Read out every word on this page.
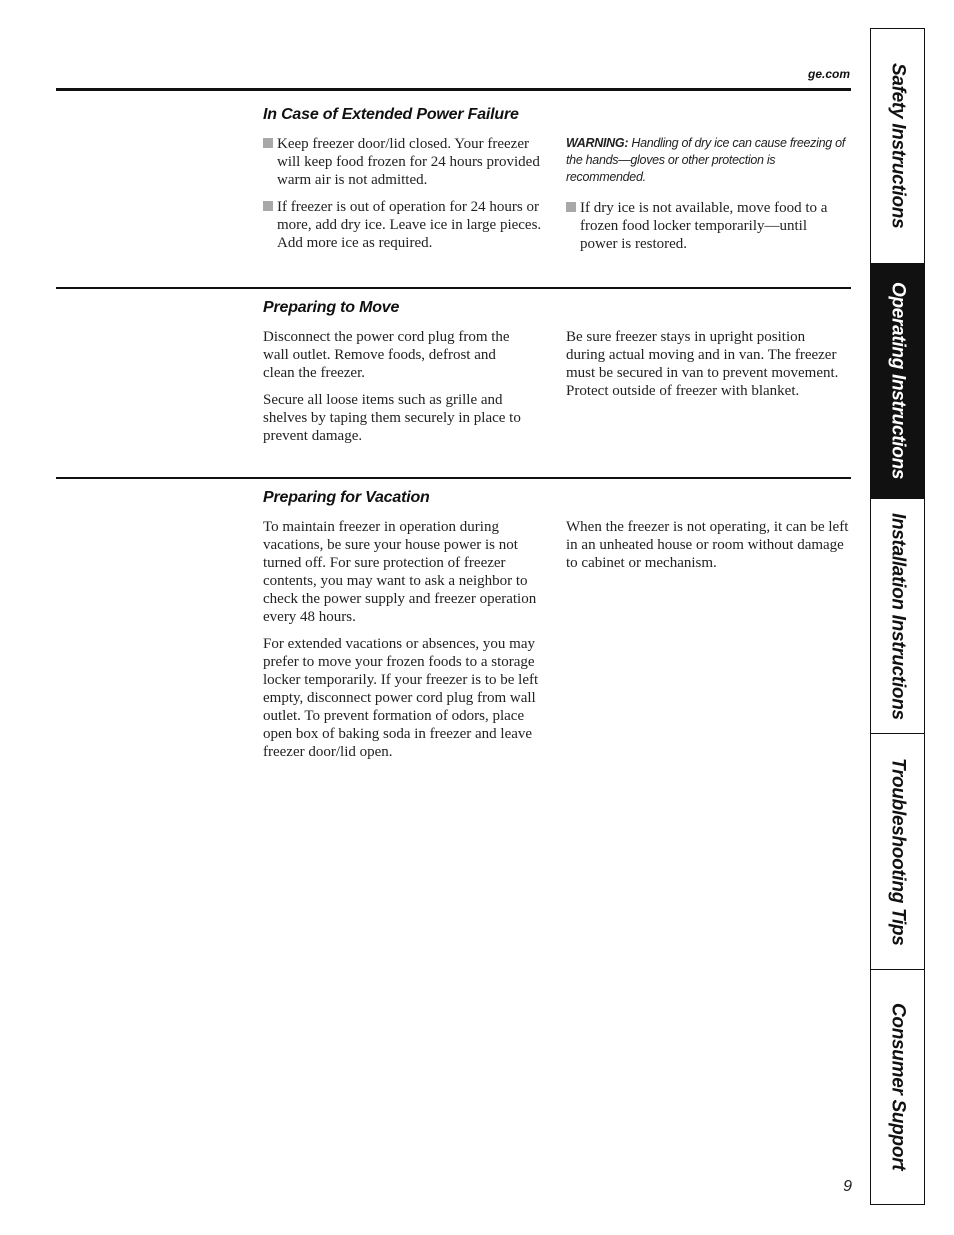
ge.com
In Case of Extended Power Failure
Keep freezer door/lid closed. Your freezer will keep food frozen for 24 hours provided warm air is not admitted.
If freezer is out of operation for 24 hours or more, add dry ice. Leave ice in large pieces. Add more ice as required.
WARNING: Handling of dry ice can cause freezing of the hands—gloves or other protection is recommended.
If dry ice is not available, move food to a frozen food locker temporarily—until power is restored.
Preparing to Move

Disconnect the power cord plug from the wall outlet. Remove foods, defrost and clean the freezer.

Secure all loose items such as grille and shelves by taping them securely in place to prevent damage.

Be sure freezer stays in upright position during actual moving and in van. The freezer must be secured in van to prevent movement. Protect outside of freezer with blanket.

Preparing for Vacation

To maintain freezer in operation during vacations, be sure your house power is not turned off. For sure protection of freezer contents, you may want to ask a neighbor to check the power supply and freezer operation every 48 hours.

For extended vacations or absences, you may prefer to move your frozen foods to a storage locker temporarily. If your freezer is to be left empty, disconnect power cord plug from wall outlet. To prevent formation of odors, place open box of baking soda in freezer and leave freezer door/lid open.

When the freezer is not operating, it can be left in an unheated house or room without damage to cabinet or mechanism.

Safety Instructions
Operating Instructions
Installation Instructions
Troubleshooting Tips
Consumer Support
9
